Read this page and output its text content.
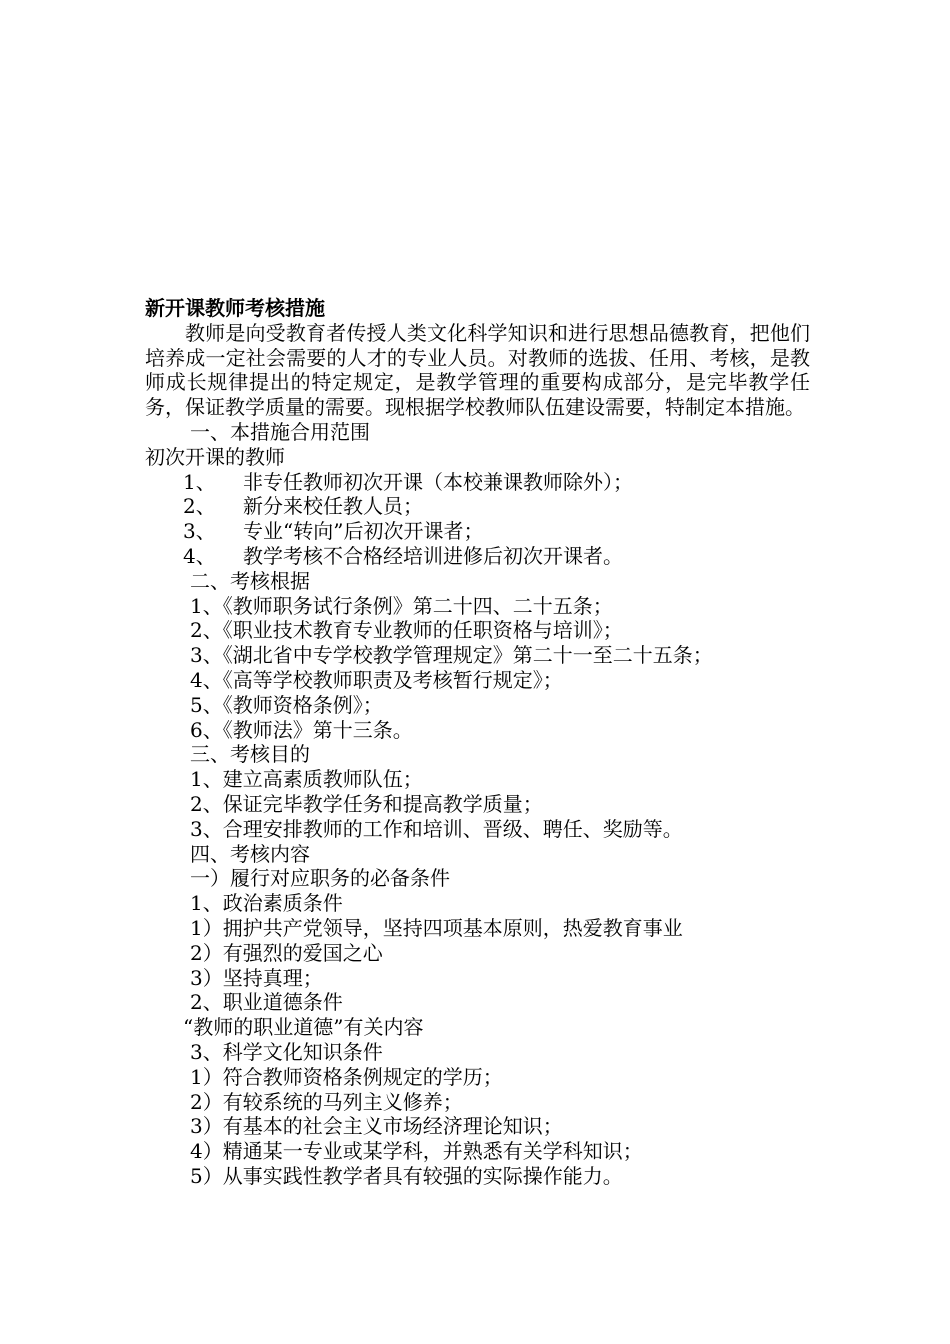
新开课教师考核措施

教师是向受教育者传授人类文化科学知识和进行思想品德教育，把他们培养成一定社会需要的人才的专业人员。对教师的选拔、任用、考核，是教师成长规律提出的特定规定，是教学管理的重要构成部分，是完毕教学任务，保证教学质量的需要。现根据学校教师队伍建设需要，特制定本措施。

一、本措施合用范围

初次开课的教师

1、	非专任教师初次开课（本校兼课教师除外）；

2、	新分来校任教人员；

3、	专业“转向”后初次开课者；

4、	教学考核不合格经培训进修后初次开课者。

二、考核根据

1、《教师职务试行条例》第二十四、二十五条；

2、《职业技术教育专业教师的任职资格与培训》；

3、《湖北省中专学校教学管理规定》第二十一至二十五条；

4、《高等学校教师职责及考核暂行规定》；

5、《教师资格条例》；

6、《教师法》第十三条。

三、考核目的

1、建立高素质教师队伍；

2、保证完毕教学任务和提高教学质量；

3、合理安排教师的工作和培训、晋级、聘任、奖励等。

四、考核内容

一）履行对应职务的必备条件

1、政治素质条件

1）拥护共产党领导，坚持四项基本原则，热爱教育事业

2）有强烈的爱国之心

3）坚持真理；

2、职业道德条件

“教师的职业道德”有关内容

3、科学文化知识条件

1）符合教师资格条例规定的学历；

2）有较系统的马列主义修养；

3）有基本的社会主义市场经济理论知识；

4）精通某一专业或某学科，并熟悉有关学科知识；

5）从事实践性教学者具有较强的实际操作能力。
